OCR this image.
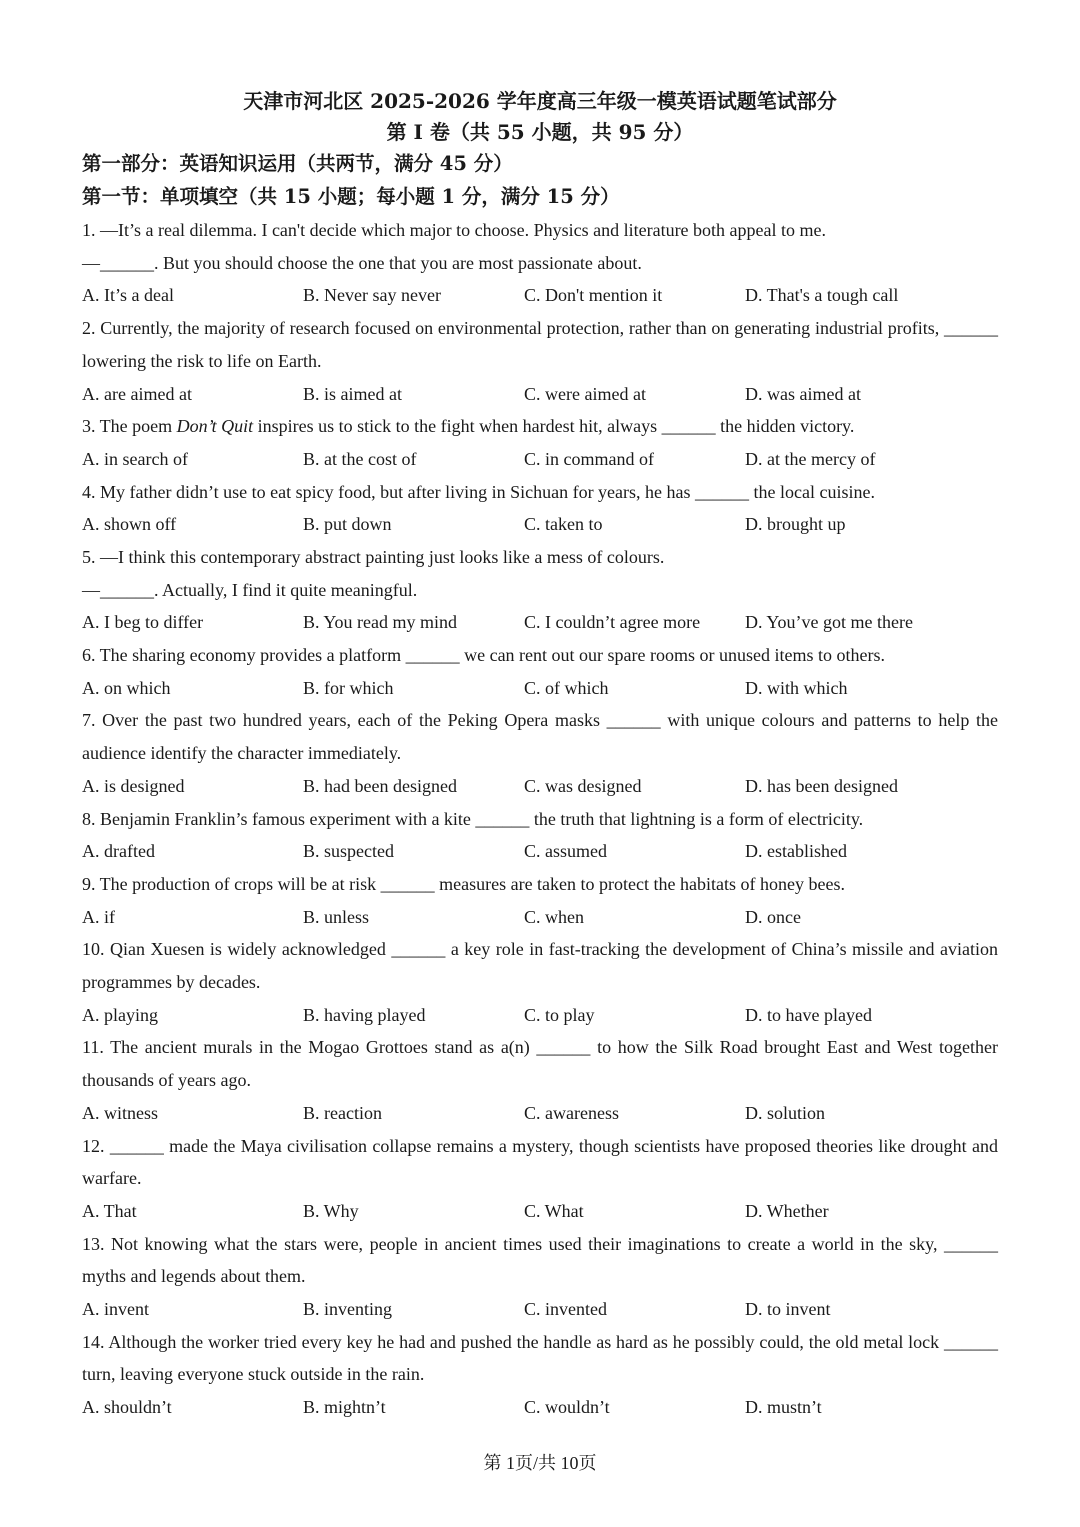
天津市河北区 2025-2026 学年度高三年级一模英语试题笔试部分
第 I 卷（共 55 小题，共 95 分）
第一部分：英语知识运用（共两节，满分 45 分）
第一节：单项填空（共 15 小题；每小题 1 分，满分 15 分）
1. —It’s a real dilemma. I can't decide which major to choose. Physics and literature both appeal to me.
—______. But you should choose the one that you are most passionate about.
A. It’s a deal	B. Never say never	C. Don't mention it	D. That's a tough call
2. Currently, the majority of research focused on environmental protection, rather than on generating industrial profits, ______ lowering the risk to life on Earth.
A. are aimed at	B. is aimed at	C. were aimed at	D. was aimed at
3. The poem Don’t Quit inspires us to stick to the fight when hardest hit, always ______ the hidden victory.
A. in search of	B. at the cost of	C. in command of	D. at the mercy of
4. My father didn’t use to eat spicy food, but after living in Sichuan for years, he has ______ the local cuisine.
A. shown off	B. put down	C. taken to	D. brought up
5. —I think this contemporary abstract painting just looks like a mess of colours.
—______. Actually, I find it quite meaningful.
A. I beg to differ	B. You read my mind	C. I couldn’t agree more	D. You’ve got me there
6. The sharing economy provides a platform ______ we can rent out our spare rooms or unused items to others.
A. on which	B. for which	C. of which	D. with which
7. Over the past two hundred years, each of the Peking Opera masks ______ with unique colours and patterns to help the audience identify the character immediately.
A. is designed	B. had been designed	C. was designed	D. has been designed
8. Benjamin Franklin’s famous experiment with a kite ______ the truth that lightning is a form of electricity.
A. drafted	B. suspected	C. assumed	D. established
9. The production of crops will be at risk ______ measures are taken to protect the habitats of honey bees.
A. if	B. unless	C. when	D. once
10. Qian Xuesen is widely acknowledged ______ a key role in fast-tracking the development of China’s missile and aviation programmes by decades.
A. playing	B. having played	C. to play	D. to have played
11. The ancient murals in the Mogao Grottoes stand as a(n) ______ to how the Silk Road brought East and West together thousands of years ago.
A. witness	B. reaction	C. awareness	D. solution
12. ______ made the Maya civilisation collapse remains a mystery, though scientists have proposed theories like drought and warfare.
A. That	B. Why	C. What	D. Whether
13. Not knowing what the stars were, people in ancient times used their imaginations to create a world in the sky, ______ myths and legends about them.
A. invent	B. inventing	C. invented	D. to invent
14. Although the worker tried every key he had and pushed the handle as hard as he possibly could, the old metal lock ______ turn, leaving everyone stuck outside in the rain.
A. shouldn’t	B. mightn’t	C. wouldn’t	D. mustn’t
第 1页/共 10页
